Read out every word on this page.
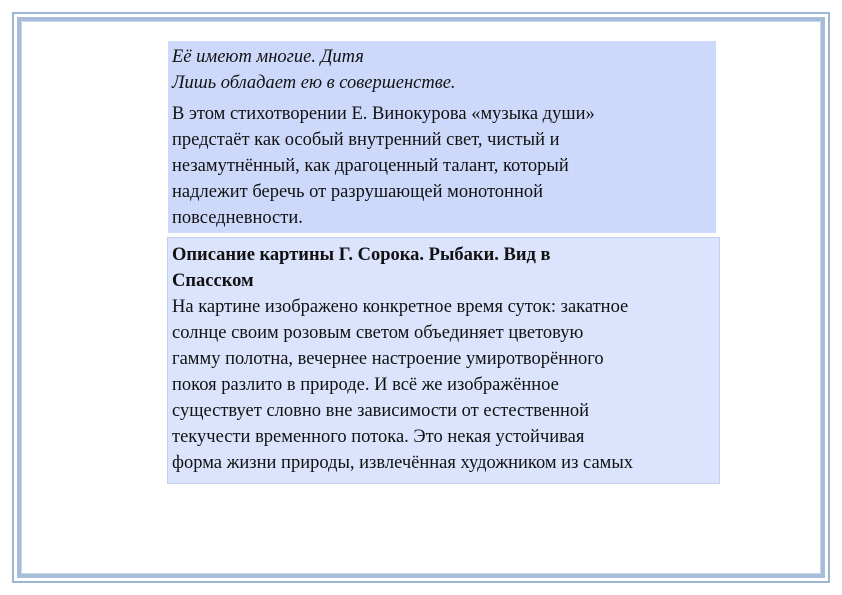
Её имеют многие. Дитя
Лишь обладает ею в совершенстве.
В этом стихотворении Е. Винокурова «музыка души»
предстаёт как особый внутренний свет, чистый и
незамутнённый, как драгоценный талант, который
надлежит беречь от разрушающей монотонной
повседневности.
Описание картины Г. Сорока. Рыбаки. Вид в
Спасском
На картине изображено конкретное время суток: закатное
солнце своим розовым светом объединяет цветовую
гамму полотна, вечернее настроение умиротворённого
покоя разлито в природе. И всё же изображённое
существует словно вне зависимости от естественной
текучести временного потока. Это некая устойчивая
форма жизни природы, извлечённая художником из самых
